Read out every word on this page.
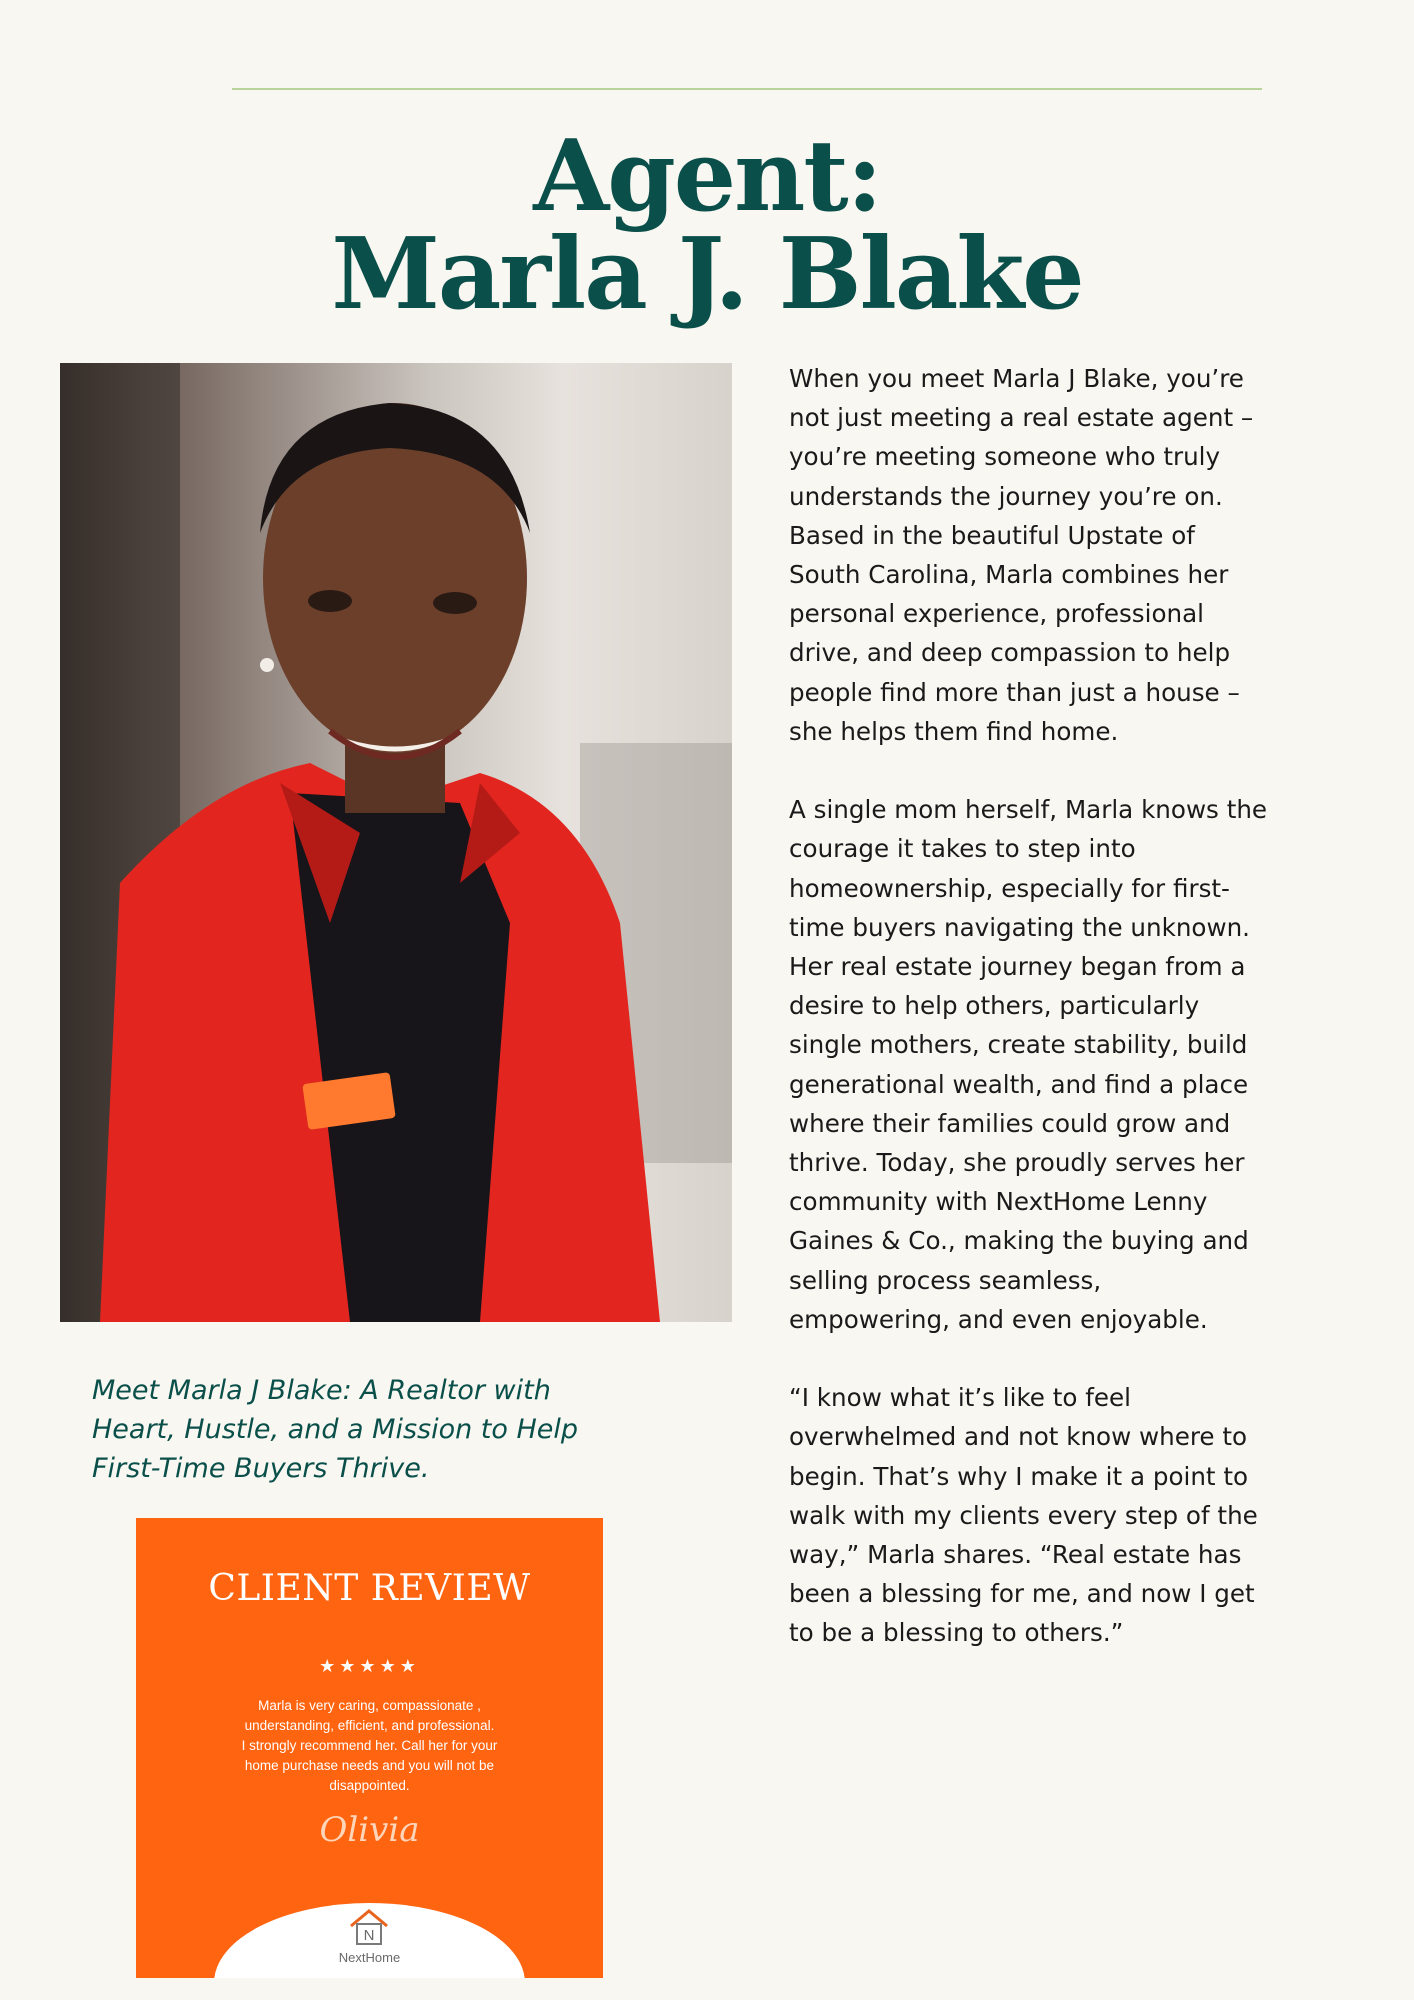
Agent:
Marla J. Blake
Meet Marla J Blake: A Realtor with
Heart, Hustle, and a Mission to Help
First-Time Buyers Thrive.
CLIENT REVIEW
★★★★★
Marla is very caring, compassionate ,
understanding, efficient, and professional.
I strongly recommend her. Call her for your
home purchase needs and you will not be
disappointed.
Olivia
N
NextHome

When you meet Marla J Blake, you’re
not just meeting a real estate agent –
you’re meeting someone who truly
understands the journey you’re on.
Based in the beautiful Upstate of
South Carolina, Marla combines her
personal experience, professional
drive, and deep compassion to help
people find more than just a house –
she helps them find home.

A single mom herself, Marla knows the
courage it takes to step into
homeownership, especially for first-
time buyers navigating the unknown.
Her real estate journey began from a
desire to help others, particularly
single mothers, create stability, build
generational wealth, and find a place
where their families could grow and
thrive. Today, she proudly serves her
community with NextHome Lenny
Gaines & Co., making the buying and
selling process seamless,
empowering, and even enjoyable.

“I know what it’s like to feel
overwhelmed and not know where to
begin. That’s why I make it a point to
walk with my clients every step of the
way,” Marla shares. “Real estate has
been a blessing for me, and now I get
to be a blessing to others.”
